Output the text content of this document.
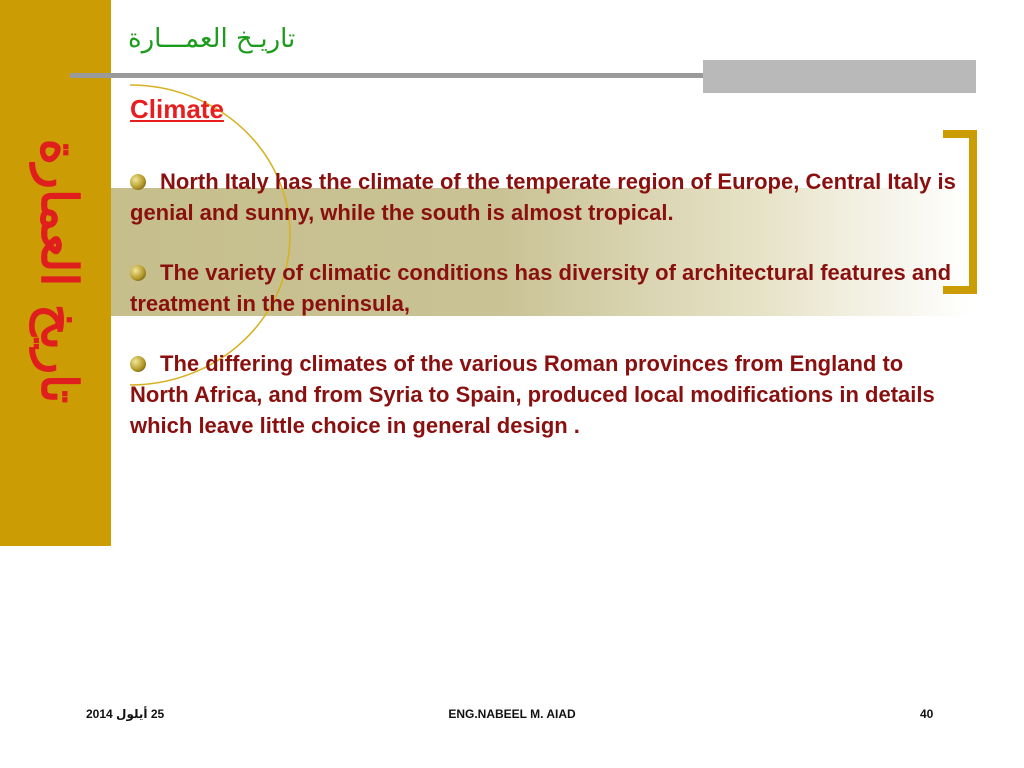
تاريخ العمارة
تاريـخ العمـــارة
Climate

North Italy has the climate of the temperate region of Europe, Central Italy is genial and sunny, while the south is almost tropical.

The variety of climatic conditions has diversity of architectural features and treatment in the peninsula,

The differing climates of the various Roman provinces from England to North Africa, and from Syria to Spain, produced local modifications in details which leave little choice in general design .

25 أيلول 2014	ENG.NABEEL M. AIAD	40
